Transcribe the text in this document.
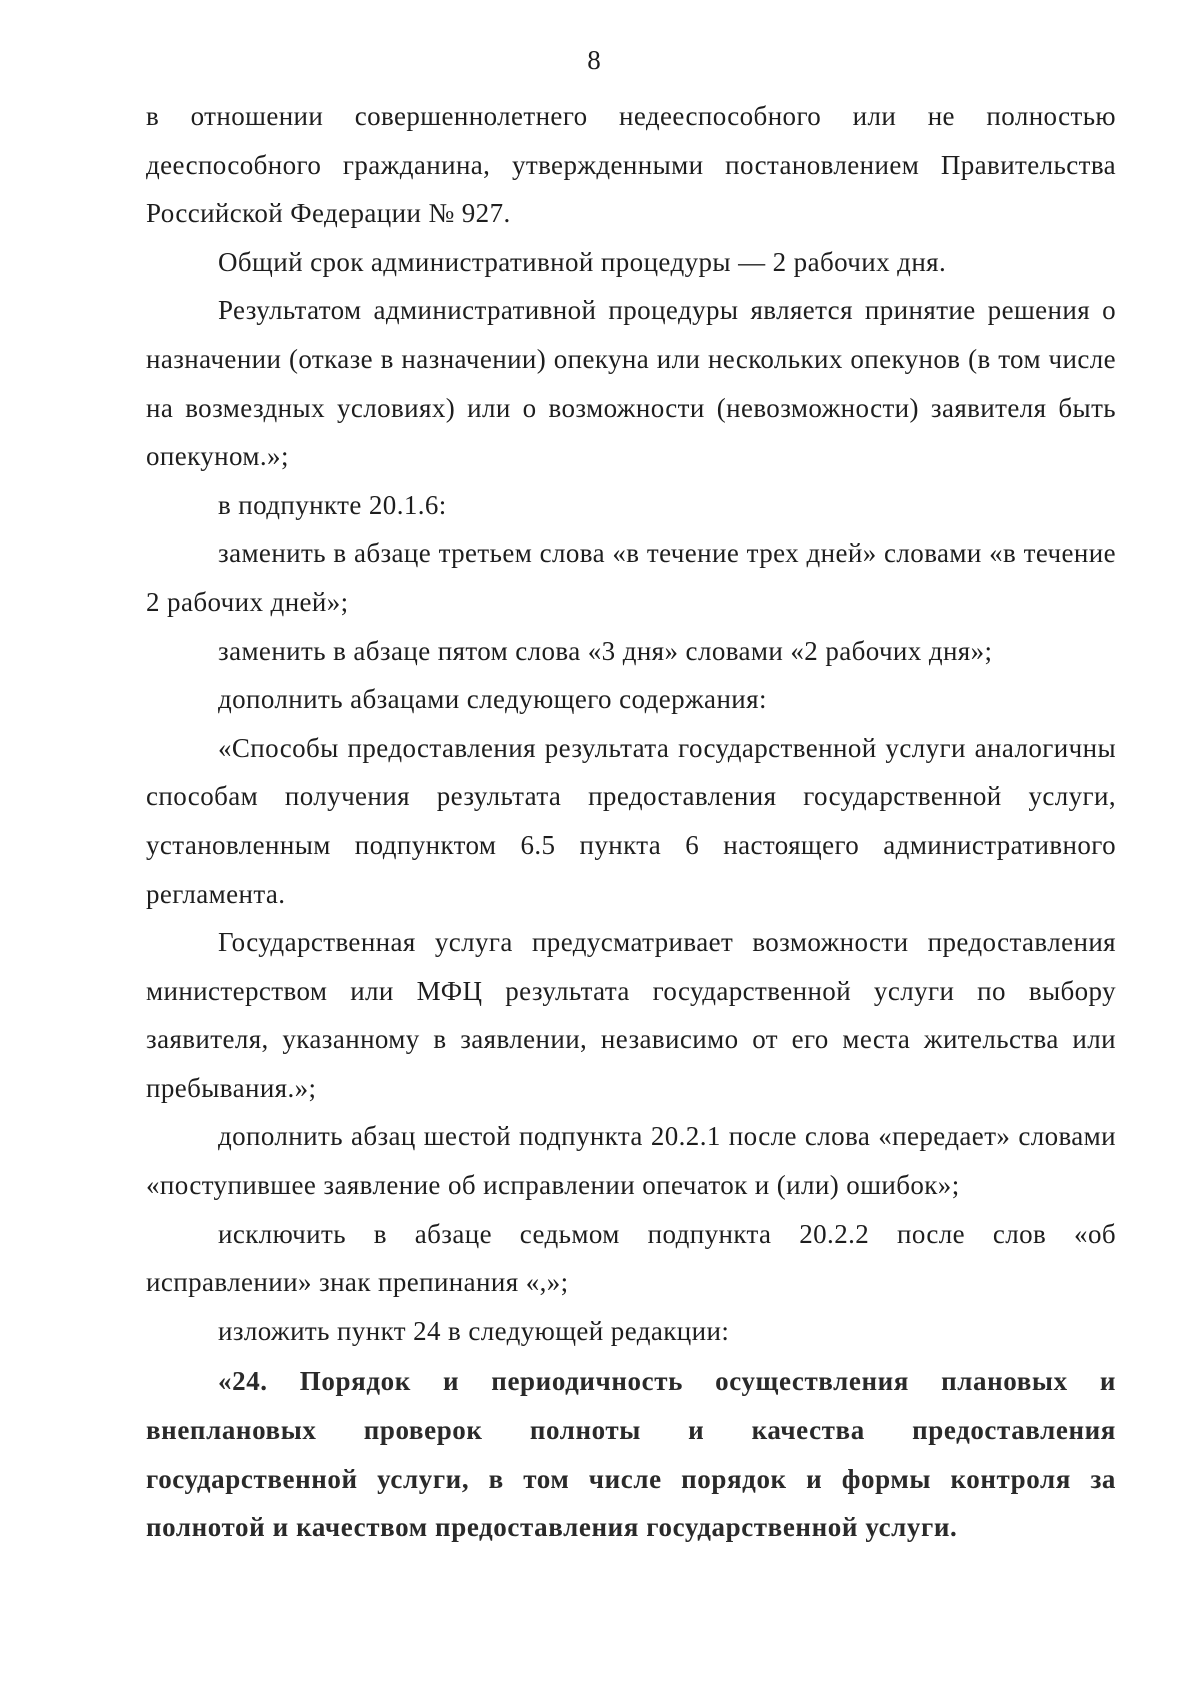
8

в отношении совершеннолетнего недееспособного или не полностью дееспособного гражданина, утвержденными постановлением Правительства Российской Федерации № 927.

Общий срок административной процедуры — 2 рабочих дня.

Результатом административной процедуры является принятие решения о назначении (отказе в назначении) опекуна или нескольких опекунов (в том числе на возмездных условиях) или о возможности (невозможности) заявителя быть опекуном.»;

в подпункте 20.1.6:

заменить в абзаце третьем слова «в течение трех дней» словами «в течение 2 рабочих дней»;

заменить в абзаце пятом слова «3 дня» словами «2 рабочих дня»;

дополнить абзацами следующего содержания:

«Способы предоставления результата государственной услуги аналогичны способам получения результата предоставления государственной услуги, установленным подпунктом 6.5 пункта 6 настоящего административного регламента.

Государственная услуга предусматривает возможности предоставления министерством или МФЦ результата государственной услуги по выбору заявителя, указанному в заявлении, независимо от его места жительства или пребывания.»;

дополнить абзац шестой подпункта 20.2.1 после слова «передает» словами «поступившее заявление об исправлении опечаток и (или) ошибок»;

исключить в абзаце седьмом подпункта 20.2.2 после слов «об исправлении» знак препинания «,»;

изложить пункт 24 в следующей редакции:

«24. Порядок и периодичность осуществления плановых и внеплановых проверок полноты и качества предоставления государственной услуги, в том числе порядок и формы контроля за полнотой и качеством предоставления государственной услуги.
